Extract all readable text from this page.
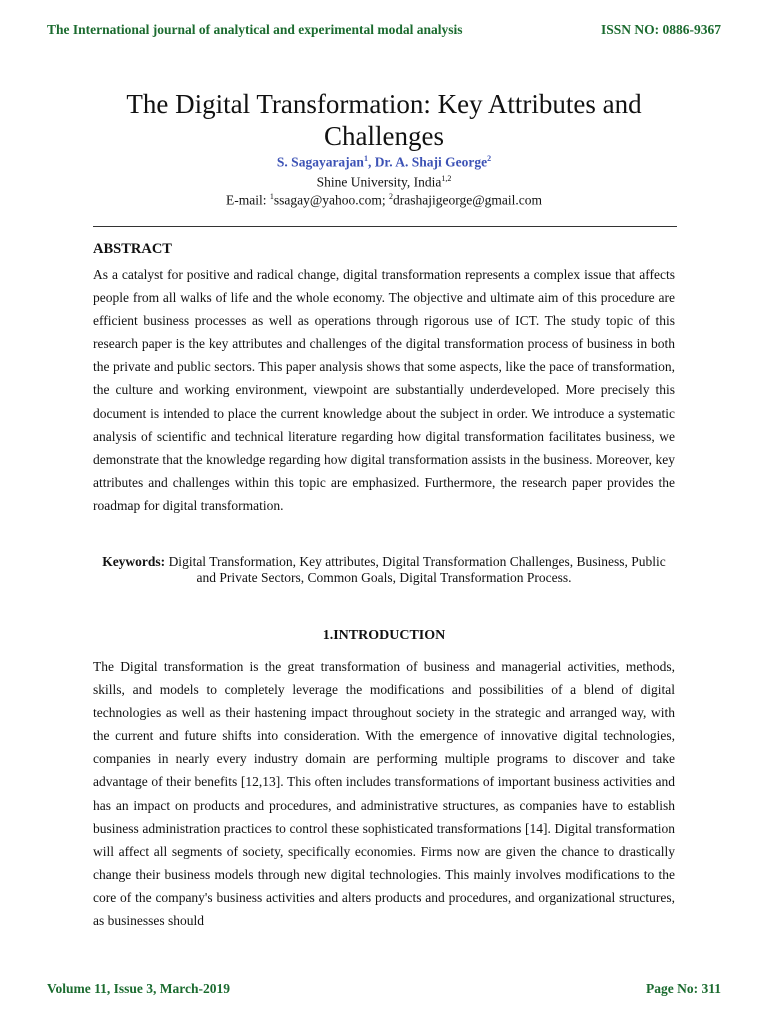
The International journal of analytical and experimental modal analysis	ISSN NO: 0886-9367
The Digital Transformation: Key Attributes and Challenges
S. Sagayarajan$^1$, Dr. A. Shaji George$^2$
Shine University, India$^{1,2}$
E-mail: $^1$ssagay@yahoo.com; $^2$drashajigeorge@gmail.com
ABSTRACT
As a catalyst for positive and radical change, digital transformation represents a complex issue that affects people from all walks of life and the whole economy. The objective and ultimate aim of this procedure are efficient business processes as well as operations through rigorous use of ICT. The study topic of this research paper is the key attributes and challenges of the digital transformation process of business in both the private and public sectors. This paper analysis shows that some aspects, like the pace of transformation, the culture and working environment, viewpoint are substantially underdeveloped. More precisely this document is intended to place the current knowledge about the subject in order. We introduce a systematic analysis of scientific and technical literature regarding how digital transformation facilitates business, we demonstrate that the knowledge regarding how digital transformation assists in the business. Moreover, key attributes and challenges within this topic are emphasized. Furthermore, the research paper provides the roadmap for digital transformation.
Keywords: Digital Transformation, Key attributes, Digital Transformation Challenges, Business, Public and Private Sectors, Common Goals, Digital Transformation Process.
1.INTRODUCTION
The Digital transformation is the great transformation of business and managerial activities, methods, skills, and models to completely leverage the modifications and possibilities of a blend of digital technologies as well as their hastening impact throughout society in the strategic and arranged way, with the current and future shifts into consideration. With the emergence of innovative digital technologies, companies in nearly every industry domain are performing multiple programs to discover and take advantage of their benefits [12,13]. This often includes transformations of important business activities and has an impact on products and procedures, and administrative structures, as companies have to establish business administration practices to control these sophisticated transformations [14]. Digital transformation will affect all segments of society, specifically economies. Firms now are given the chance to drastically change their business models through new digital technologies. This mainly involves modifications to the core of the company's business activities and alters products and procedures, and organizational structures, as businesses should
Volume 11, Issue 3, March-2019	Page No: 311
